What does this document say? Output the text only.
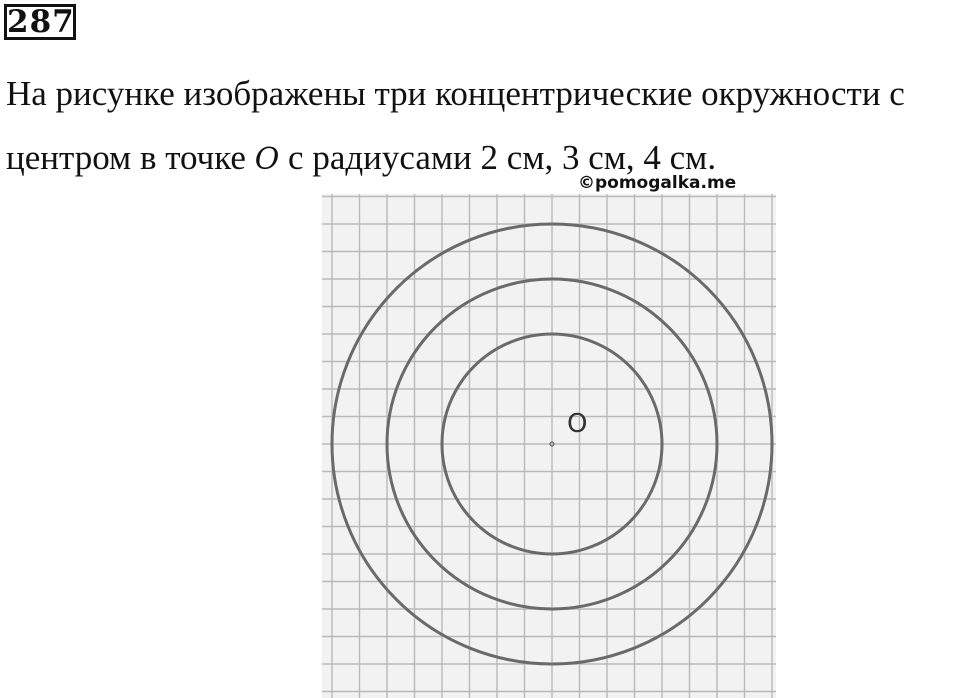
287

На рисунке изображены три концентрические окружности с центром в точке O с радиусами 2 см, 3 см, 4 см.

©pomogalka.me
O
